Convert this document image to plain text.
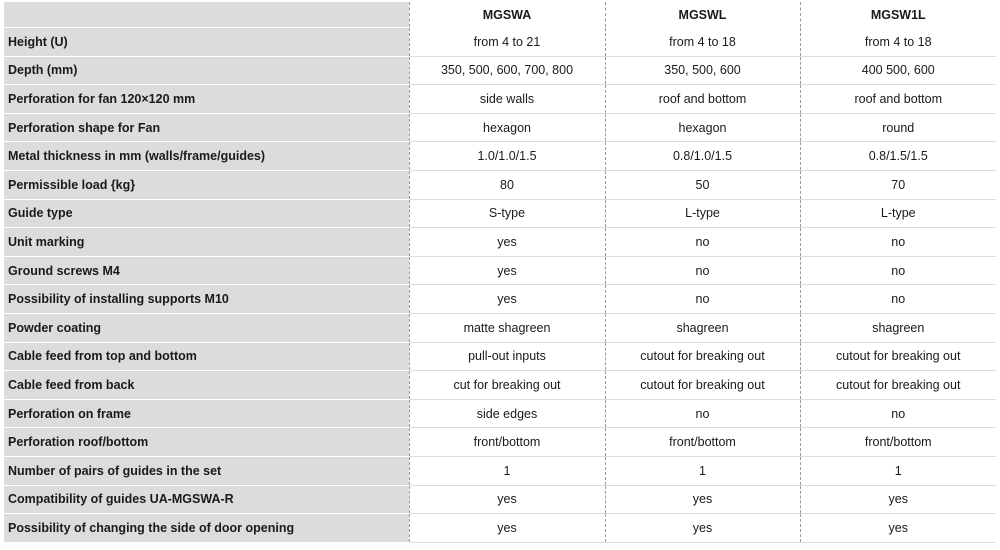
	MGSWA	MGSWL	MGSW1L
Height (U)	from 4 to 21	from 4 to 18	from 4 to 18
Depth (mm)	350, 500, 600, 700, 800	350, 500, 600	400 500, 600
Perforation for fan 120×120 mm	side walls	roof and bottom	roof and bottom
Perforation shape for Fan	hexagon	hexagon	round
Metal thickness in mm (walls/frame/guides)	1.0/1.0/1.5	0.8/1.0/1.5	0.8/1.5/1.5
Permissible load {kg}	80	50	70
Guide type	S-type	L-type	L-type
Unit marking	yes	no	no
Ground screws M4	yes	no	no
Possibility of installing supports M10	yes	no	no
Powder coating	matte shagreen	shagreen	shagreen
Cable feed from top and bottom	pull-out inputs	cutout for breaking out	cutout for breaking out
Cable feed from back	cut for breaking out	cutout for breaking out	cutout for breaking out
Perforation on frame	side edges	no	no
Perforation roof/bottom	front/bottom	front/bottom	front/bottom
Number of pairs of guides in the set	1	1	1
Compatibility of guides UA-MGSWA-R	yes	yes	yes
Possibility of changing the side of door opening	yes	yes	yes
